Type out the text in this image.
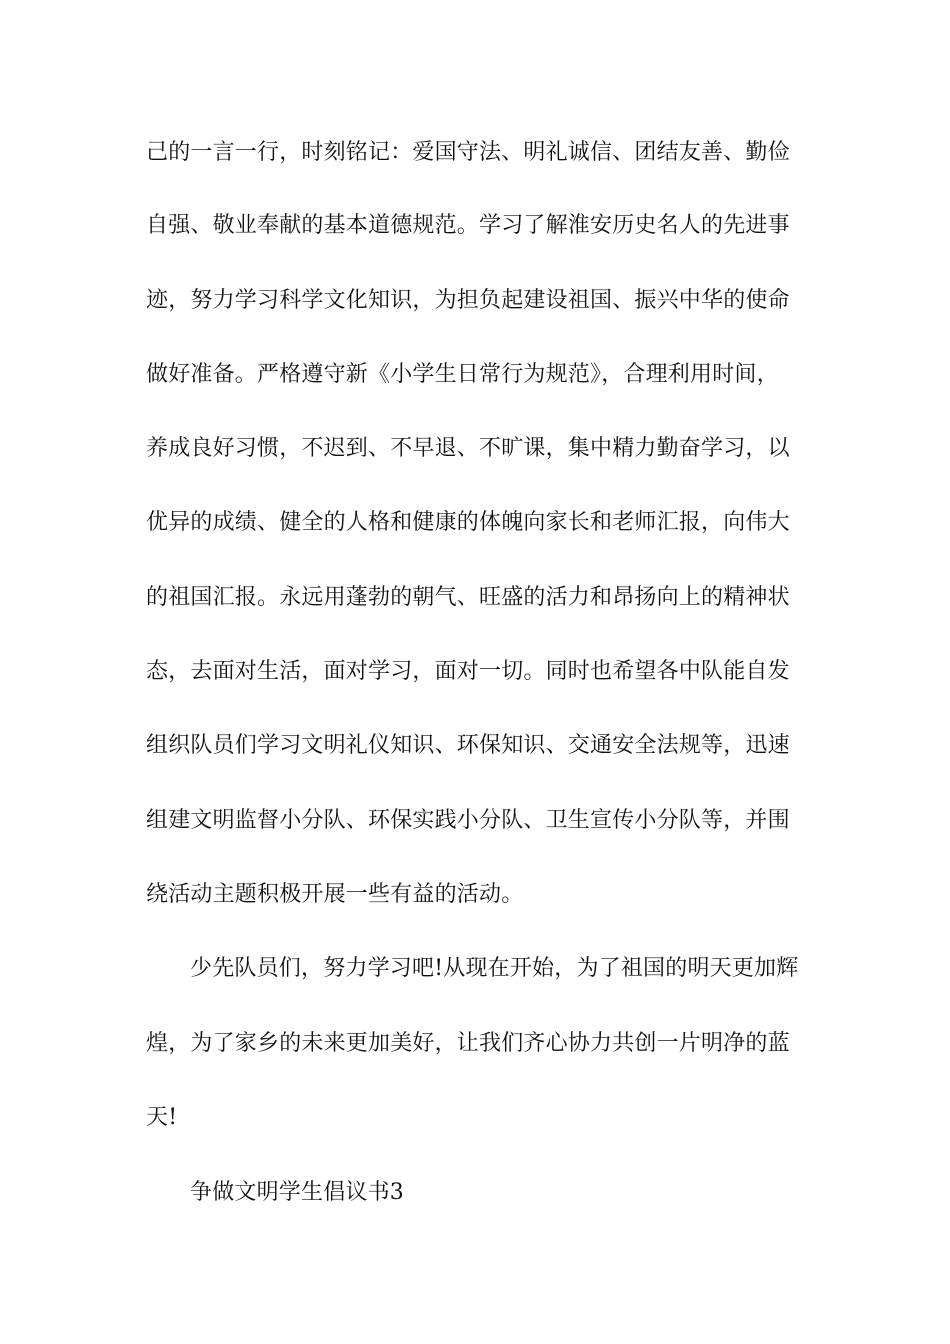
己的一言一行，时刻铭记：爱国守法、明礼诚信、团结友善、勤俭
自强、敬业奉献的基本道德规范。学习了解淮安历史名人的先进事
迹，努力学习科学文化知识，为担负起建设祖国、振兴中华的使命
做好准备。严格遵守新《小学生日常行为规范》，合理利用时间，
养成良好习惯，不迟到、不早退、不旷课，集中精力勤奋学习，以
优异的成绩、健全的人格和健康的体魄向家长和老师汇报，向伟大
的祖国汇报。永远用蓬勃的朝气、旺盛的活力和昂扬向上的精神状
态，去面对生活，面对学习，面对一切。同时也希望各中队能自发
组织队员们学习文明礼仪知识、环保知识、交通安全法规等，迅速
组建文明监督小分队、环保实践小分队、卫生宣传小分队等，并围
绕活动主题积极开展一些有益的活动。
少先队员们，努力学习吧!从现在开始，为了祖国的明天更加辉
煌，为了家乡的未来更加美好，让我们齐心协力共创一片明净的蓝
天!
争做文明学生倡议书3
